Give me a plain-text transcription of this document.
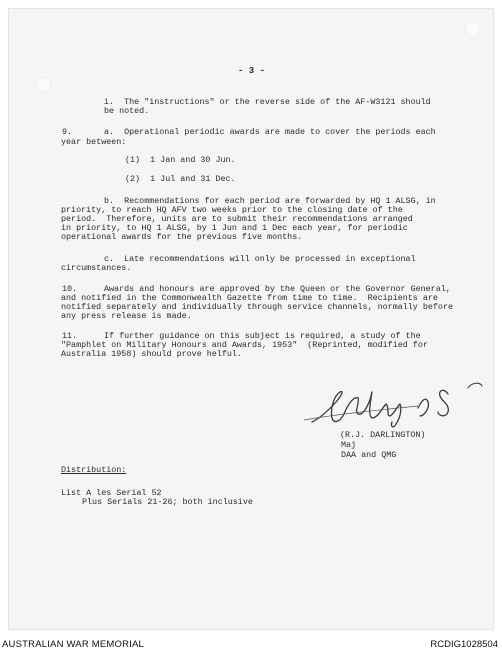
- 3 -
i.  The "instructions" or the reverse side of the AF-W3121 should
be noted.
9.	a.  Operational periodic awards are made to cover the periods each
year between:
(1)  1 Jan and 30 Jun.
(2)  1 Jul and 31 Dec.
b.  Recommendations for each period are forwarded by HQ 1 ALSG, in
priority, to reach HQ AFV two weeks prior to the closing date of the
period.  Therefore, units are to submit their recommendations arranged
in priority, to HQ 1 ALSG, by 1 Jun and 1 Dec each year, for periodic
operational awards for the previous five months.
c.  Late recommendations will only be processed in exceptional
circumstances.
10.	Awards and honours are approved by the Queen or the Governor General,
and notified in the Commonwealth Gazette from time to time.  Recipients are
notified separately and individually through service channels, normally before
any press release is made.
11.	If further guidance on this subject is required, a study of the
"Pamphlet on Military Honours and Awards, 1953"  (Reprinted, modified for
Australia 1958) should prove helful.
(R.J. DARLINGTON)
Maj
DAA and QMG
Distribution:
List A les Serial 52
Plus Serials 21-26; both inclusive
AUSTRALIAN WAR MEMORIAL	RCDIG1028504
